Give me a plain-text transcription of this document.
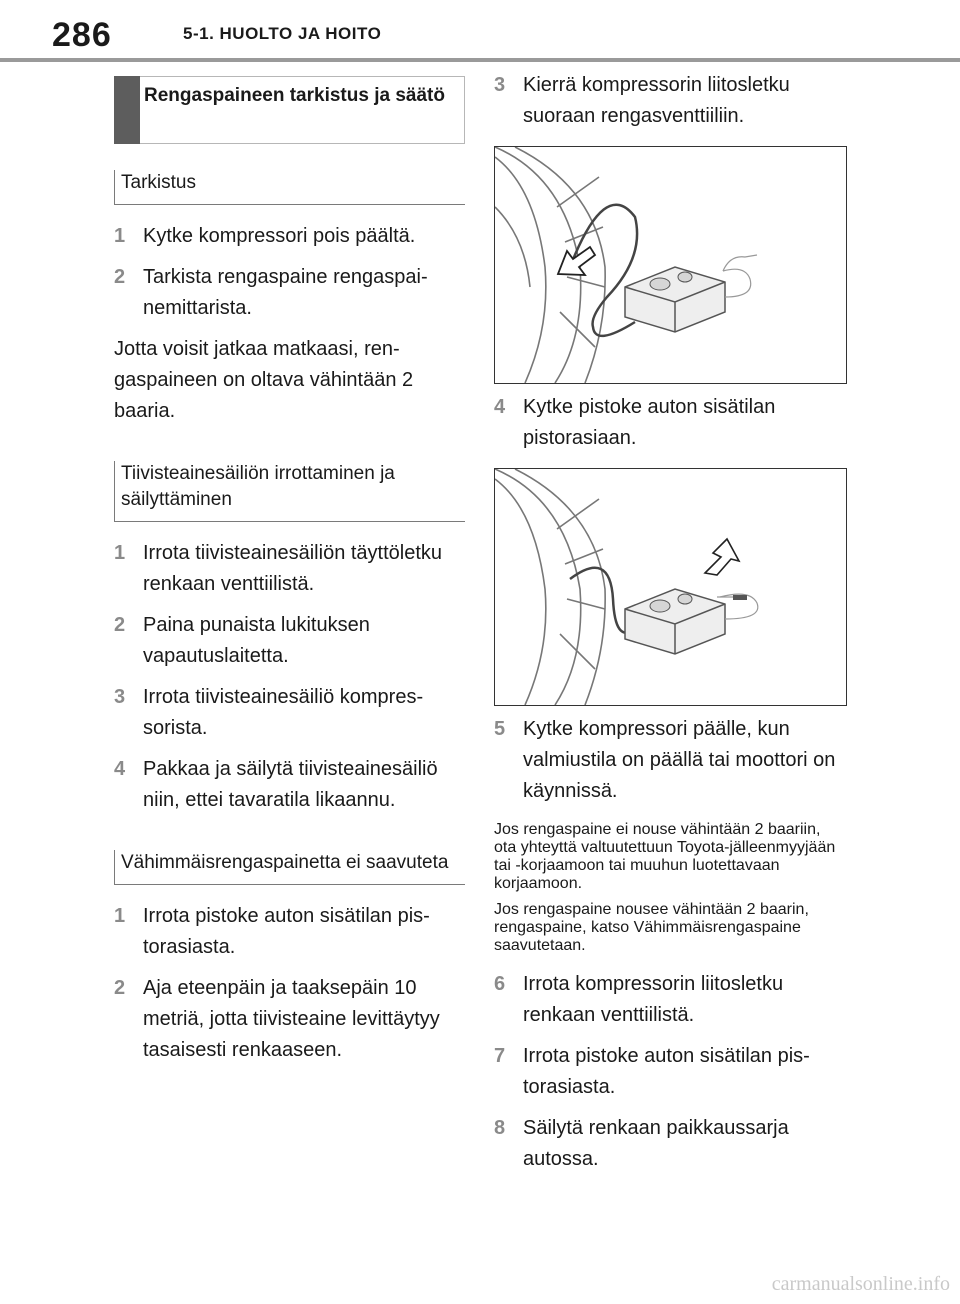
286	5-1. HUOLTO JA HOITO
Rengaspaineen tarkistus ja säätö
Tarkistus
1 Kytke kompressori pois päältä.
2 Tarkista rengaspaine rengaspainemittarista.
Jotta voisit jatkaa matkaasi, rengaspaineen on oltava vähintään 2 baaria.
Tiivisteainesäiliön irrottaminen ja säilyttäminen
1 Irrota tiivisteainesäiliön täyttöletku renkaan venttiilistä.
2 Paina punaista lukituksen vapautuslaitetta.
3 Irrota tiivisteainesäiliö kompressorista.
4 Pakkaa ja säilytä tiivisteainesäiliö niin, ettei tavaratila likaannu.
Vähimmäisrengaspainetta ei saavuteta
1 Irrota pistoke auton sisätilan pistorasiasta.
2 Aja eteenpäin ja taaksepäin 10 metriä, jotta tiivisteaine levittäytyy tasaisesti renkaaseen.
3 Kierrä kompressorin liitosletku suoraan rengasventtiiliin.
4 Kytke pistoke auton sisätilan pistorasiaan.
5 Kytke kompressori päälle, kun valmiustila on päällä tai moottori on käynnissä.
Jos rengaspaine ei nouse vähintään 2 baariin, ota yhteyttä valtuutettuun Toyota-jälleenmyyjään tai -korjaamoon tai muuhun luotettavaan korjaamoon.
Jos rengaspaine nousee vähintään 2 baarin, rengaspaine, katso Vähimmäisrengaspaine saavutetaan.
6 Irrota kompressorin liitosletku renkaan venttiilistä.
7 Irrota pistoke auton sisätilan pistorasiasta.
8 Säilytä renkaan paikkaussarja autossa.
carmanualsonline.info
